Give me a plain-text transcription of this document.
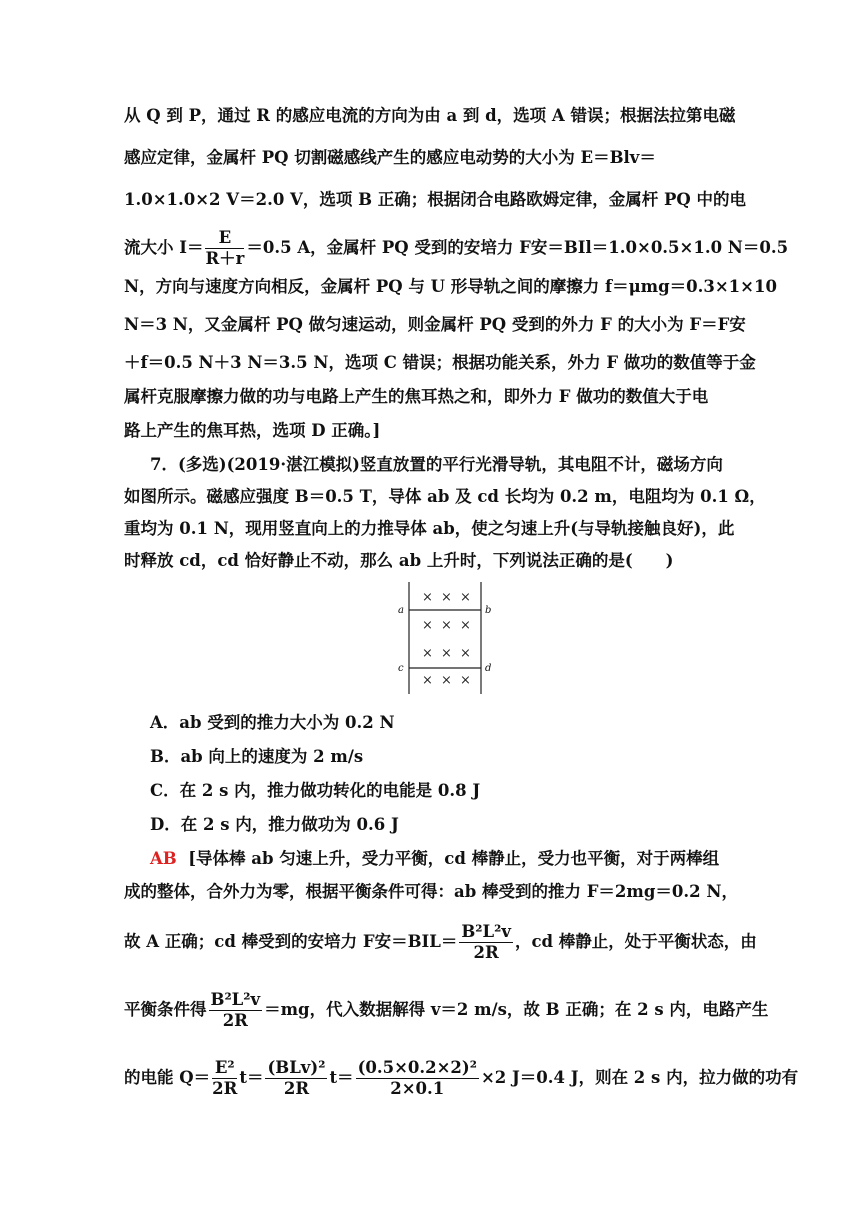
从 Q 到 P，通过 R 的感应电流的方向为由 a 到 d，选项 A 错误；根据法拉第电磁
感应定律，金属杆 PQ 切割磁感线产生的感应电动势的大小为 E＝Blv＝
1.0×1.0×2 V＝2.0 V，选项 B 正确；根据闭合电路欧姆定律，金属杆 PQ 中的电
流大小 $I= \frac{E}{R+r} =0.5$ A，金属杆 PQ 受到的安培力 F安＝BIl＝1.0×0.5×1.0 N＝0.5
N，方向与速度方向相反，金属杆 PQ 与 U 形导轨之间的摩擦力 f＝μmg＝0.3×1×10
N＝3 N，又金属杆 PQ 做匀速运动，则金属杆 PQ 受到的外力 F 的大小为 F＝F安
＋f＝0.5 N＋3 N＝3.5 N，选项 C 错误；根据功能关系，外力 F 做功的数值等于金
属杆克服摩擦力做的功与电路上产生的焦耳热之和，即外力 F 做功的数值大于电
路上产生的焦耳热，选项 D 正确。]
7．(多选)(2019·湛江模拟)竖直放置的平行光滑导轨，其电阻不计，磁场方向
如图所示。磁感应强度 B＝0.5 T，导体 ab 及 cd 长均为 0.2 m，电阻均为 0.1 Ω，
重均为 0.1 N，现用竖直向上的力推导体 ab，使之匀速上升(与导轨接触良好)，此
时释放 cd，cd 恰好静止不动，那么 ab 上升时，下列说法正确的是(　　)
a	b
c	d
× × ×
× × ×
× × ×
× × ×
A．ab 受到的推力大小为 0.2 N
B．ab 向上的速度为 2 m/s
C．在 2 s 内，推力做功转化的电能是 0.8 J
D．在 2 s 内，推力做功为 0.6 J
AB [导体棒 ab 匀速上升，受力平衡，cd 棒静止，受力也平衡，对于两棒组
成的整体，合外力为零，根据平衡条件可得：ab 棒受到的推力 F＝2mg＝0.2 N，
故 A 正确；cd 棒受到的安培力 F安$=BIL= \frac{\text{B²L²v}}{2R}$ ，cd 棒静止，处于平衡状态，由
平衡条件得 $\frac{\text{B²L²v}}{2R} =mg$，代入数据解得 v＝2 m/s，故 B 正确；在 2 s 内，电路产生
的电能 $Q= \frac{\text{E²}}{2R} t= \frac{\text{(BLv)²}}{2R} t= \frac{\text{(0.5×0.2×2)²}}{2\times 0.1} \times 2$ J＝0.4 J，则在 2 s 内，拉力做的功有
